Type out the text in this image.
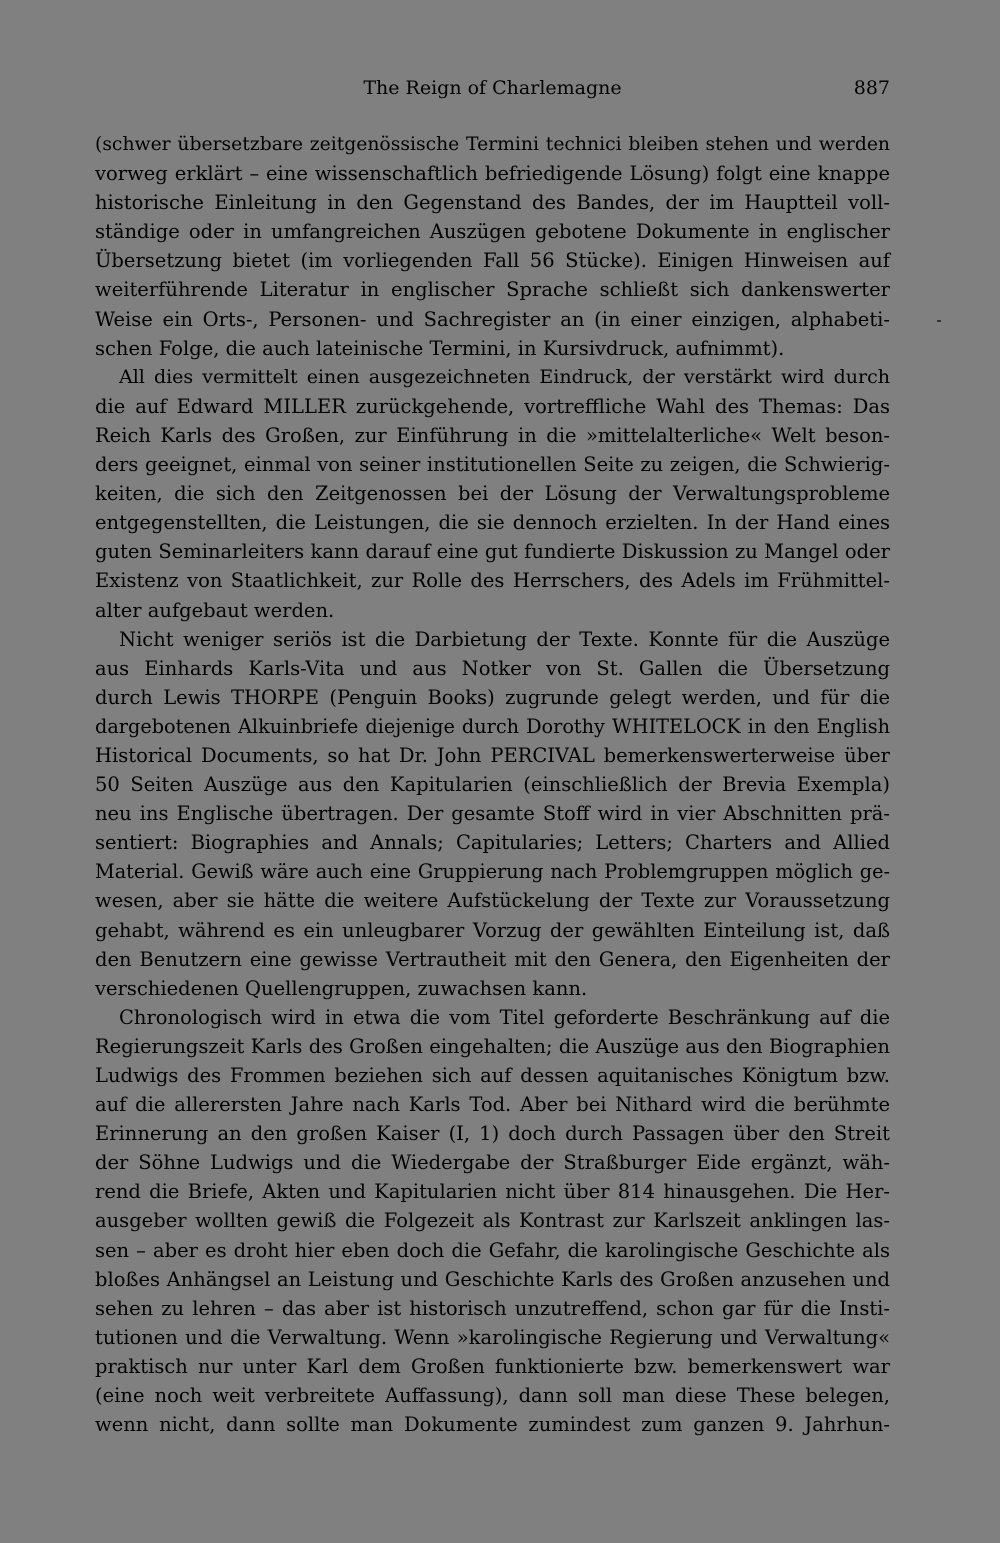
The Reign of Charlemagne	887
(schwer übersetzbare zeitgenössische Termini technici bleiben stehen und werden
vorweg erklärt – eine wissenschaftlich befriedigende Lösung) folgt eine knappe
historische Einleitung in den Gegenstand des Bandes, der im Hauptteil voll-
ständige oder in umfangreichen Auszügen gebotene Dokumente in englischer
Übersetzung bietet (im vorliegenden Fall 56 Stücke). Einigen Hinweisen auf
weiterführende Literatur in englischer Sprache schließt sich dankenswerter
Weise ein Orts-, Personen- und Sachregister an (in einer einzigen, alphabeti-
schen Folge, die auch lateinische Termini, in Kursivdruck, aufnimmt).
All dies vermittelt einen ausgezeichneten Eindruck, der verstärkt wird durch
die auf Edward MILLER zurückgehende, vortreffliche Wahl des Themas: Das
Reich Karls des Großen, zur Einführung in die »mittelalterliche« Welt beson-
ders geeignet, einmal von seiner institutionellen Seite zu zeigen, die Schwierig-
keiten, die sich den Zeitgenossen bei der Lösung der Verwaltungsprobleme
entgegenstellten, die Leistungen, die sie dennoch erzielten. In der Hand eines
guten Seminarleiters kann darauf eine gut fundierte Diskussion zu Mangel oder
Existenz von Staatlichkeit, zur Rolle des Herrschers, des Adels im Frühmittel-
alter aufgebaut werden.
Nicht weniger seriös ist die Darbietung der Texte. Konnte für die Auszüge
aus Einhards Karls-Vita und aus Notker von St. Gallen die Übersetzung
durch Lewis THORPE (Penguin Books) zugrunde gelegt werden, und für die
dargebotenen Alkuinbriefe diejenige durch Dorothy WHITELOCK in den English
Historical Documents, so hat Dr. John PERCIVAL bemerkenswerterweise über
50 Seiten Auszüge aus den Kapitularien (einschließlich der Brevia Exempla)
neu ins Englische übertragen. Der gesamte Stoff wird in vier Abschnitten prä-
sentiert: Biographies and Annals; Capitularies; Letters; Charters and Allied
Material. Gewiß wäre auch eine Gruppierung nach Problemgruppen möglich ge-
wesen, aber sie hätte die weitere Aufstückelung der Texte zur Voraussetzung
gehabt, während es ein unleugbarer Vorzug der gewählten Einteilung ist, daß
den Benutzern eine gewisse Vertrautheit mit den Genera, den Eigenheiten der
verschiedenen Quellengruppen, zuwachsen kann.
Chronologisch wird in etwa die vom Titel geforderte Beschränkung auf die
Regierungszeit Karls des Großen eingehalten; die Auszüge aus den Biographien
Ludwigs des Frommen beziehen sich auf dessen aquitanisches Königtum bzw.
auf die allerersten Jahre nach Karls Tod. Aber bei Nithard wird die berühmte
Erinnerung an den großen Kaiser (I, 1) doch durch Passagen über den Streit
der Söhne Ludwigs und die Wiedergabe der Straßburger Eide ergänzt, wäh-
rend die Briefe, Akten und Kapitularien nicht über 814 hinausgehen. Die Her-
ausgeber wollten gewiß die Folgezeit als Kontrast zur Karlszeit anklingen las-
sen – aber es droht hier eben doch die Gefahr, die karolingische Geschichte als
bloßes Anhängsel an Leistung und Geschichte Karls des Großen anzusehen und
sehen zu lehren – das aber ist historisch unzutreffend, schon gar für die Insti-
tutionen und die Verwaltung. Wenn »karolingische Regierung und Verwaltung«
praktisch nur unter Karl dem Großen funktionierte bzw. bemerkenswert war
(eine noch weit verbreitete Auffassung), dann soll man diese These belegen,
wenn nicht, dann sollte man Dokumente zumindest zum ganzen 9. Jahrhun-
